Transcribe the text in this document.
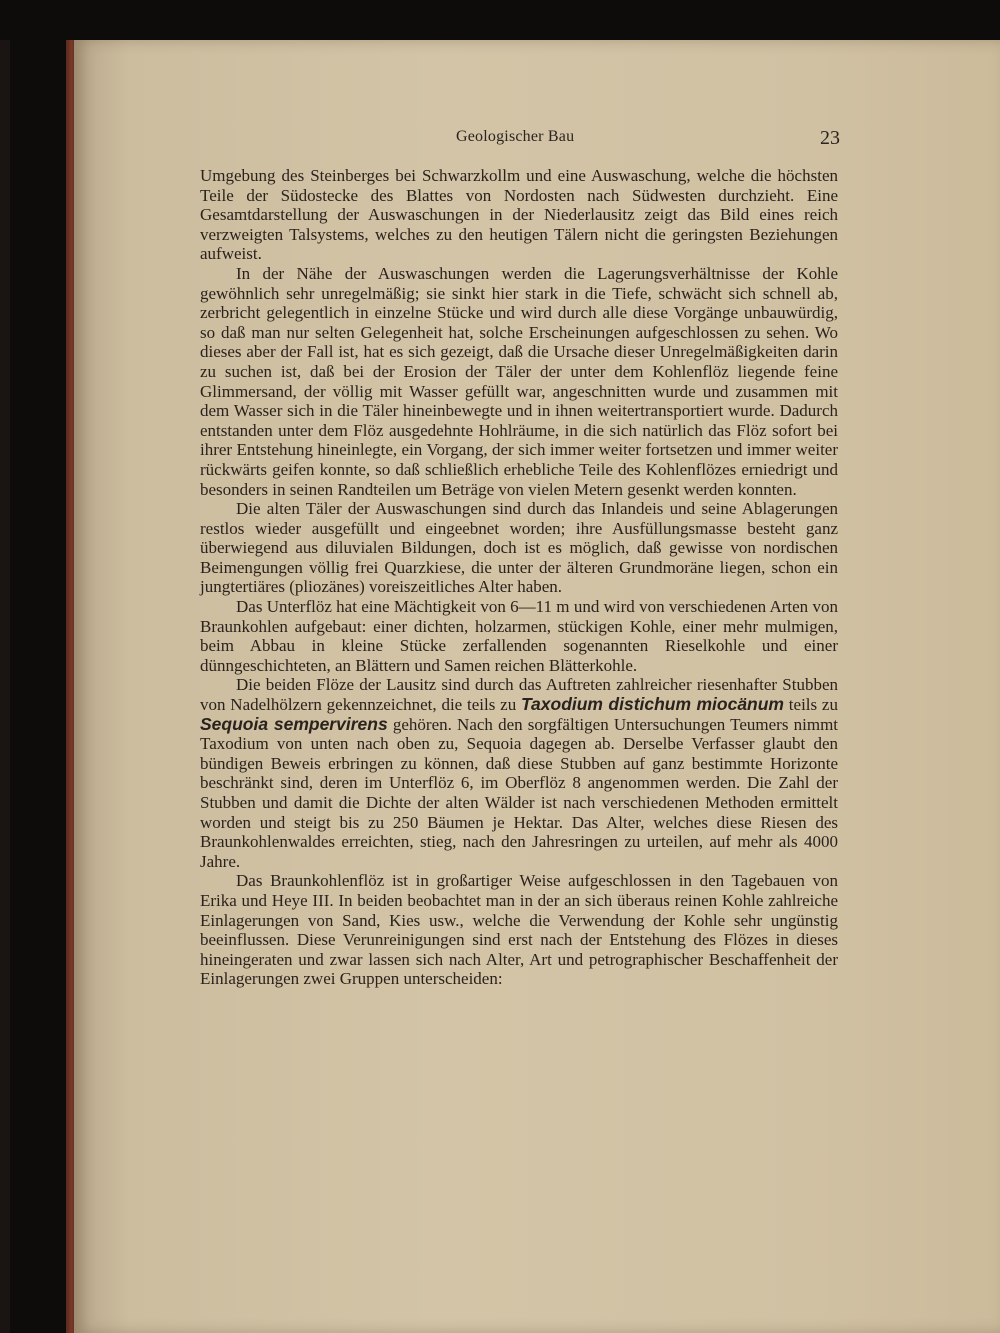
Geologischer Bau	23

Umgebung des Steinberges bei Schwarzkollm und eine Auswaschung, welche die höchsten Teile der Südostecke des Blattes von Nordosten nach Südwesten durchzieht. Eine Gesamtdarstellung der Auswaschungen in der Niederlausitz zeigt das Bild eines reich verzweigten Talsystems, welches zu den heutigen Tälern nicht die geringsten Beziehungen aufweist.

In der Nähe der Auswaschungen werden die Lagerungsverhältnisse der Kohle gewöhnlich sehr unregelmäßig; sie sinkt hier stark in die Tiefe, schwächt sich schnell ab, zerbricht gelegentlich in einzelne Stücke und wird durch alle diese Vorgänge unbauwürdig, so daß man nur selten Gelegenheit hat, solche Erscheinungen aufgeschlossen zu sehen. Wo dieses aber der Fall ist, hat es sich gezeigt, daß die Ursache dieser Unregelmäßigkeiten darin zu suchen ist, daß bei der Erosion der Täler der unter dem Kohlenflöz liegende feine Glimmersand, der völlig mit Wasser gefüllt war, angeschnitten wurde und zusammen mit dem Wasser sich in die Täler hineinbewegte und in ihnen weitertransportiert wurde. Dadurch entstanden unter dem Flöz ausgedehnte Hohlräume, in die sich natürlich das Flöz sofort bei ihrer Entstehung hineinlegte, ein Vorgang, der sich immer weiter fortsetzen und immer weiter rückwärts geifen konnte, so daß schließlich erhebliche Teile des Kohlenflözes erniedrigt und besonders in seinen Randteilen um Beträge von vielen Metern gesenkt werden konnten.

Die alten Täler der Auswaschungen sind durch das Inlandeis und seine Ablagerungen restlos wieder ausgefüllt und eingeebnet worden; ihre Ausfüllungsmasse besteht ganz überwiegend aus diluvialen Bildungen, doch ist es möglich, daß gewisse von nordischen Beimengungen völlig frei Quarzkiese, die unter der älteren Grundmoräne liegen, schon ein jungtertiäres (pliozänes) voreiszeitliches Alter haben.

Das Unterflöz hat eine Mächtigkeit von 6—11 m und wird von verschiedenen Arten von Braunkohlen aufgebaut: einer dichten, holzarmen, stückigen Kohle, einer mehr mulmigen, beim Abbau in kleine Stücke zerfallenden sogenannten Rieselkohle und einer dünngeschichteten, an Blättern und Samen reichen Blätterkohle.

Die beiden Flöze der Lausitz sind durch das Auftreten zahlreicher riesenhafter Stubben von Nadelhölzern gekennzeichnet, die teils zu Taxodium distichum miocänum teils zu Sequoia sempervirens gehören. Nach den sorgfältigen Untersuchungen Teumers nimmt Taxodium von unten nach oben zu, Sequoia dagegen ab. Derselbe Verfasser glaubt den bündigen Beweis erbringen zu können, daß diese Stubben auf ganz bestimmte Horizonte beschränkt sind, deren im Unterflöz 6, im Oberflöz 8 angenommen werden. Die Zahl der Stubben und damit die Dichte der alten Wälder ist nach verschiedenen Methoden ermittelt worden und steigt bis zu 250 Bäumen je Hektar. Das Alter, welches diese Riesen des Braunkohlenwaldes erreichten, stieg, nach den Jahresringen zu urteilen, auf mehr als 4000 Jahre.

Das Braunkohlenflöz ist in großartiger Weise aufgeschlossen in den Tagebauen von Erika und Heye III. In beiden beobachtet man in der an sich überaus reinen Kohle zahlreiche Einlagerungen von Sand, Kies usw., welche die Verwendung der Kohle sehr ungünstig beeinflussen. Diese Verunreinigungen sind erst nach der Entstehung des Flözes in dieses hineingeraten und zwar lassen sich nach Alter, Art und petrographischer Beschaffenheit der Einlagerungen zwei Gruppen unterscheiden:
